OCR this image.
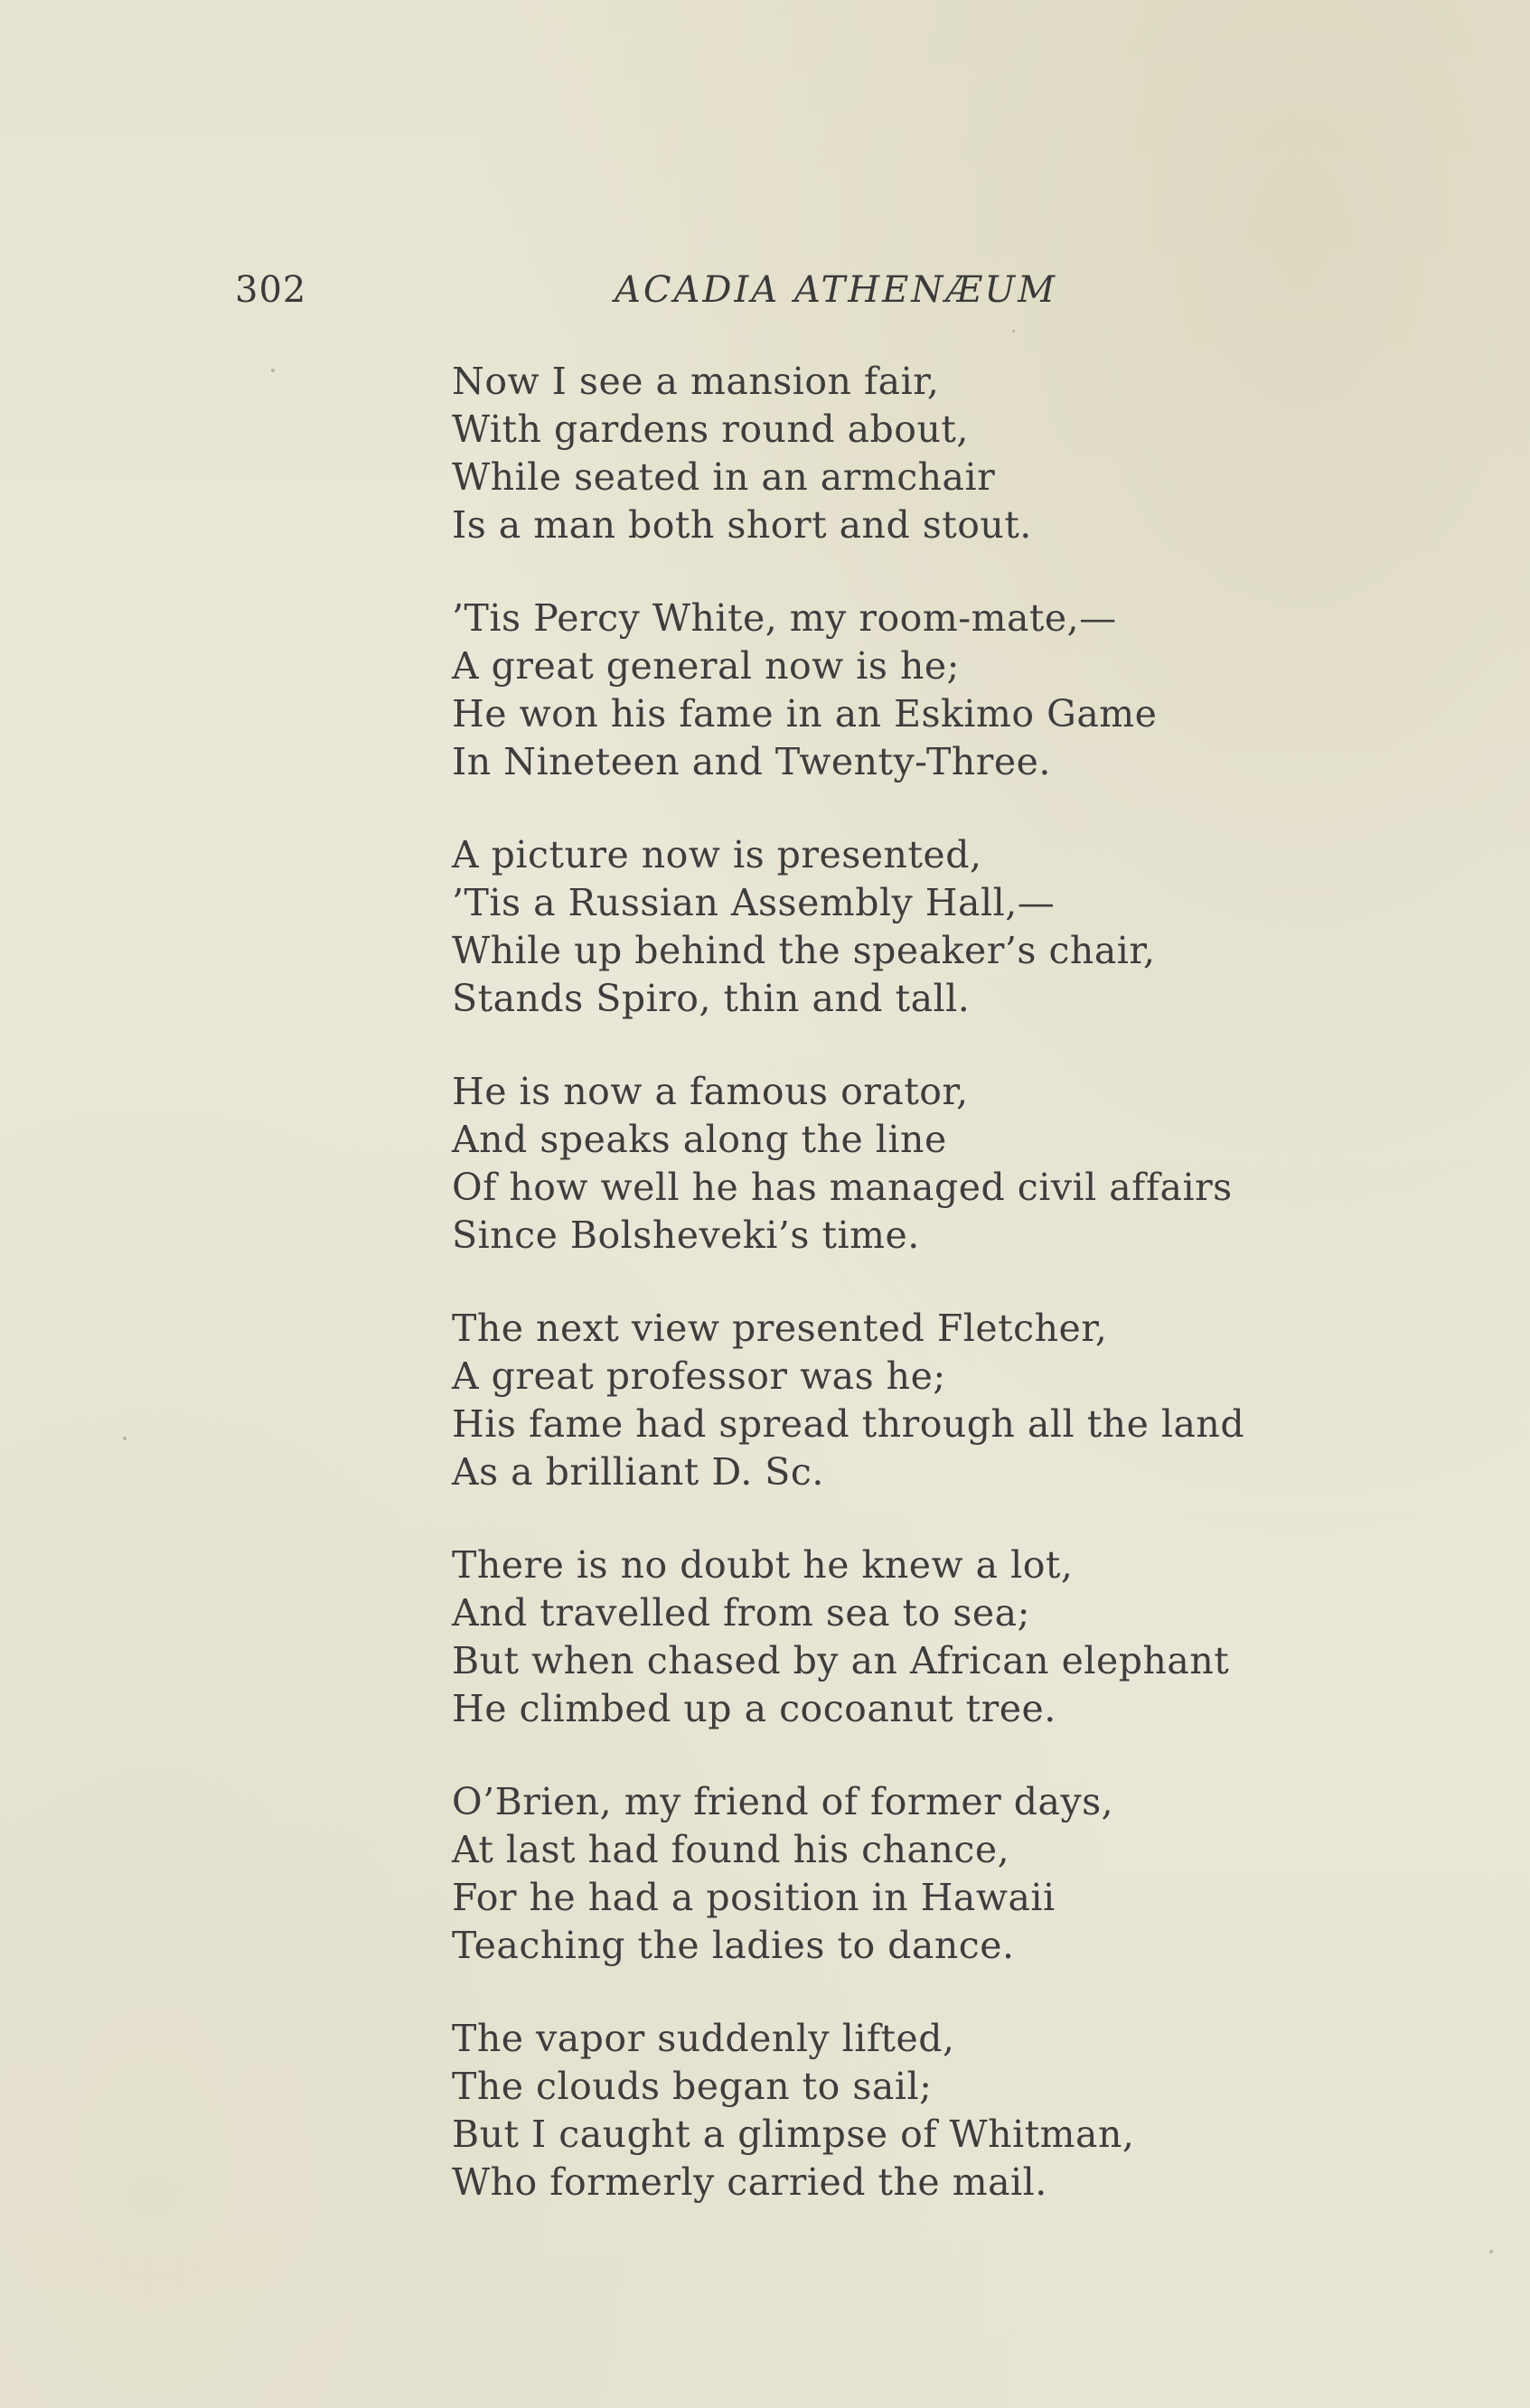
302	ACADIA ATHENÆUM
Now I see a mansion fair,
With gardens round about,
While seated in an armchair
Is a man both short and stout.
’Tis Percy White, my room-mate,—
A great general now is he;
He won his fame in an Eskimo Game
In Nineteen and Twenty-Three.
A picture now is presented,
’Tis a Russian Assembly Hall,—
While up behind the speaker’s chair,
Stands Spiro, thin and tall.
He is now a famous orator,
And speaks along the line
Of how well he has managed civil affairs
Since Bolsheveki’s time.
The next view presented Fletcher,
A great professor was he;
His fame had spread through all the land
As a brilliant D. Sc.
There is no doubt he knew a lot,
And travelled from sea to sea;
But when chased by an African elephant
He climbed up a cocoanut tree.
O’Brien, my friend of former days,
At last had found his chance,
For he had a position in Hawaii
Teaching the ladies to dance.
The vapor suddenly lifted,
The clouds began to sail;
But I caught a glimpse of Whitman,
Who formerly carried the mail.
